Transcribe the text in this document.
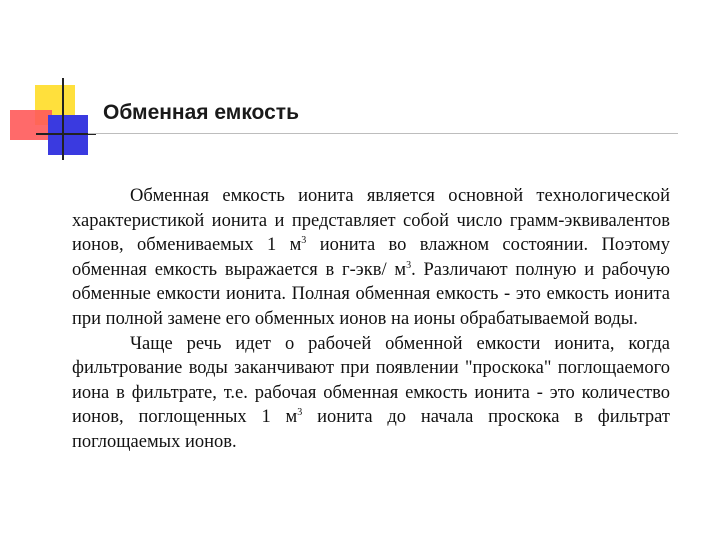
Обменная емкость

Обменная емкость ионита является основной технологической характеристикой ионита и представляет собой число грамм-эквивалентов ионов, обмениваемых 1 $м^3$ ионита во влажном состоянии. Поэтому обменная емкость выражается в г-экв/ $м^3$. Различают полную и рабочую обменные емкости ионита. Полная обменная емкость - это емкость ионита при полной замене его обменных ионов на ионы обрабатываемой воды.

Чаще речь идет о рабочей обменной емкости ионита, когда фильтрование воды заканчивают при появлении "проскока" поглощаемого иона в фильтрате, т.е. рабочая обменная емкость ионита - это количество ионов, поглощенных 1 $м^3$ ионита до начала проскока в фильтрат поглощаемых ионов.
